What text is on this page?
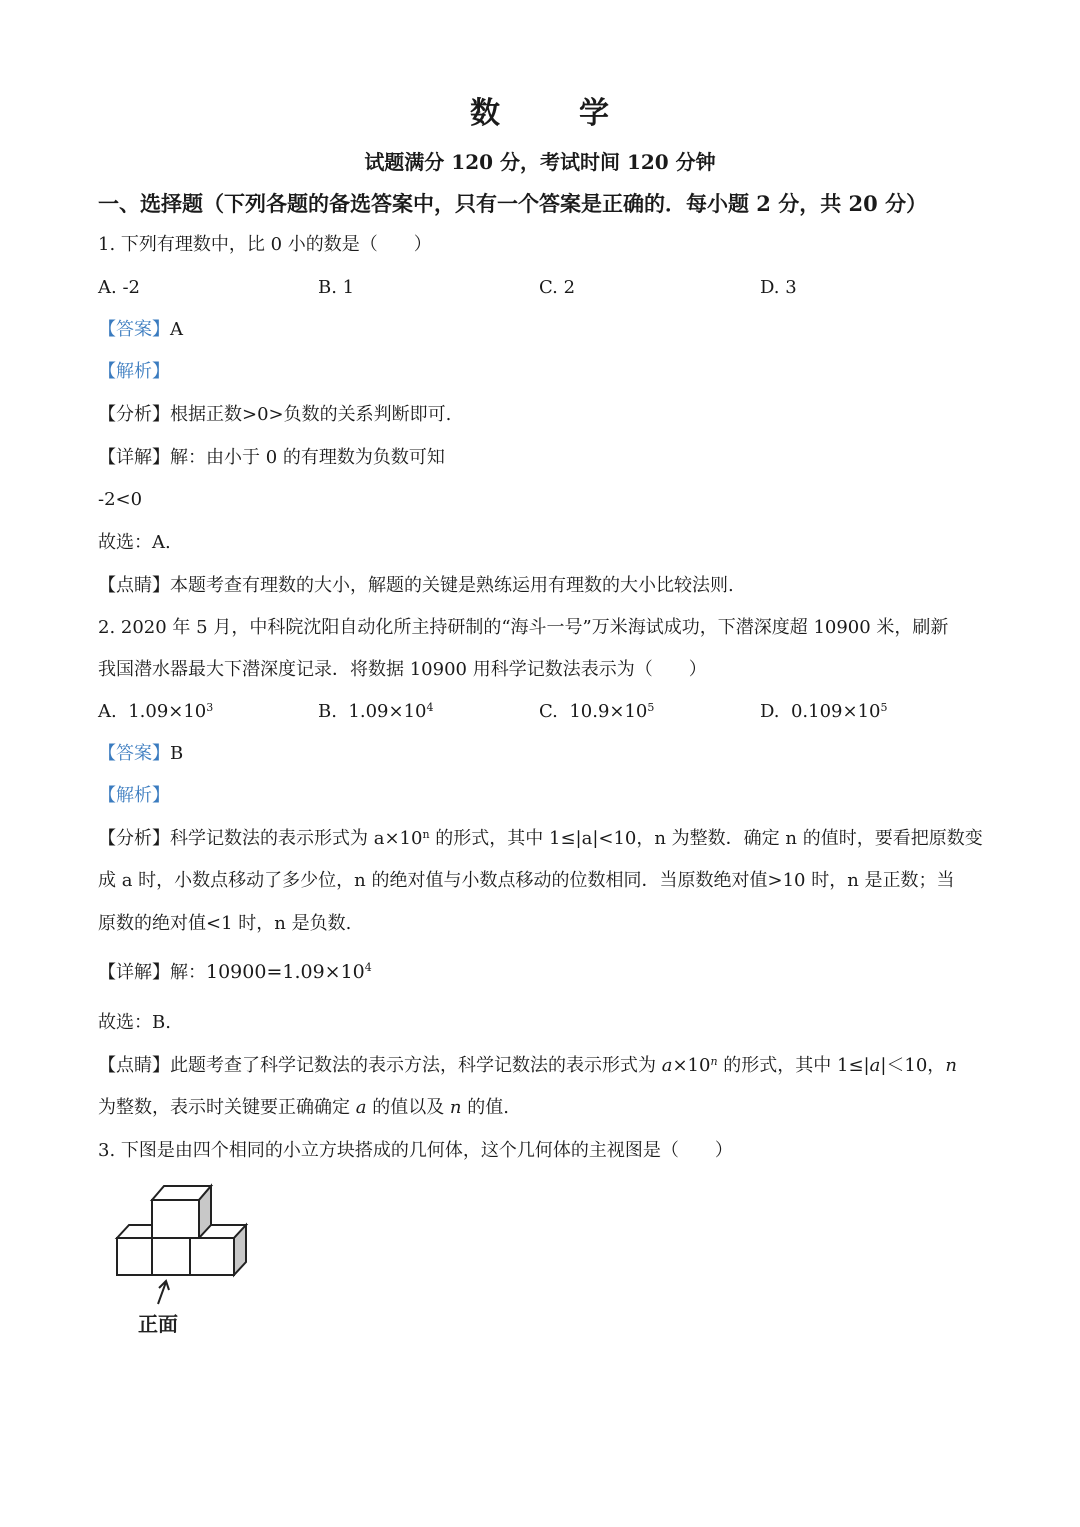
数	学
试题满分 120 分，考试时间 120 分钟
一、选择题（下列各题的备选答案中，只有一个答案是正确的．每小题 2 分，共 20 分）
1. 下列有理数中，比 0 小的数是（　　）
A. -2	B. 1	C. 2	D. 3
【答案】A
【解析】
【分析】根据正数>0>负数的关系判断即可.
【详解】解：由小于 0 的有理数为负数可知
-2<0
故选：A.
【点睛】本题考查有理数的大小，解题的关键是熟练运用有理数的大小比较法则.
2. 2020 年 5 月，中科院沈阳自动化所主持研制的“海斗一号”万米海试成功，下潜深度超 10900 米，刷新
我国潜水器最大下潜深度记录．将数据 10900 用科学记数法表示为（　　）
A. $1.09\times 10^3$	B. $1.09\times 10^4$	C. $10.9\times 10^5$	D. $0.109\times 10^5$
【答案】B
【解析】
【分析】科学记数法的表示形式为 $a\times 10^n$ 的形式，其中 1≤|a|<10，n 为整数．确定 n 的值时，要看把原数变
成 a 时，小数点移动了多少位，n 的绝对值与小数点移动的位数相同．当原数绝对值>10 时，n 是正数；当
原数的绝对值<1 时，n 是负数.
【详解】解：$10900=1.09\times 10^4$
故选：B.
【点睛】此题考查了科学记数法的表示方法，科学记数法的表示形式为 $a\times 10^n$ 的形式，其中 1≤|a|＜10，n
为整数，表示时关键要正确确定 a 的值以及 n 的值.
3. 下图是由四个相同的小立方块搭成的几何体，这个几何体的主视图是（　　）
正面
